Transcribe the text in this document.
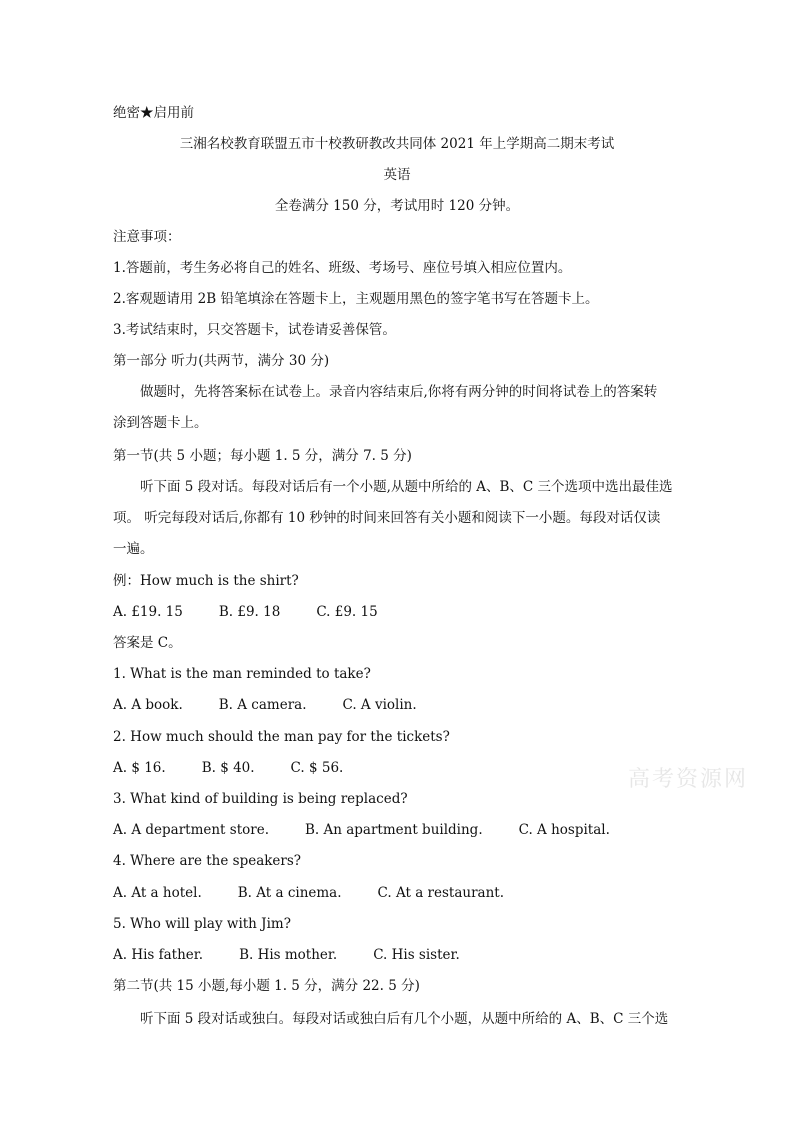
绝密★启用前
三湘名校教育联盟五市十校教研教改共同体 2021 年上学期高二期末考试
英语
全卷满分 150 分，考试用时 120 分钟。
注意事项：
1.答题前，考生务必将自己的姓名、班级、考场号、座位号填入相应位置内。
2.客观题请用 2B 铅笔填涂在答题卡上，主观题用黑色的签字笔书写在答题卡上。
3.考试结束时，只交答题卡，试卷请妥善保管。
第一部分 听力(共两节，满分 30 分)
做题时，先将答案标在试卷上。录音内容结束后,你将有两分钟的时间将试卷上的答案转
涂到答题卡上。
第一节(共 5 小题；每小题 1. 5 分，满分 7. 5 分)
听下面 5 段对话。每段对话后有一个小题,从题中所给的 A、B、C 三个选项中选出最佳选
项。 听完每段对话后,你都有 10 秒钟的时间来回答有关小题和阅读下一小题。每段对话仅读
一遍。
例：How much is the shirt?
A. £19. 15	B. £9. 18	C. £9. 15
答案是 C。
1. What is the man reminded to take?
A. A book.	B. A camera.	C. A violin.
2. How much should the man pay for the tickets?
A. $ 16.	B. $ 40.	C. $ 56.
3. What kind of building is being replaced?
A. A department store.	B. An apartment building.	C. A hospital.
4. Where are the speakers?
A. At a hotel.	B. At a cinema.	C. At a restaurant.
5. Who will play with Jim?
A. His father.	B. His mother.	C. His sister.
第二节(共 15 小题,每小题 1. 5 分，满分 22. 5 分)
听下面 5 段对话或独白。每段对话或独白后有几个小题，从题中所给的 A、B、C 三个选
高考资源网
